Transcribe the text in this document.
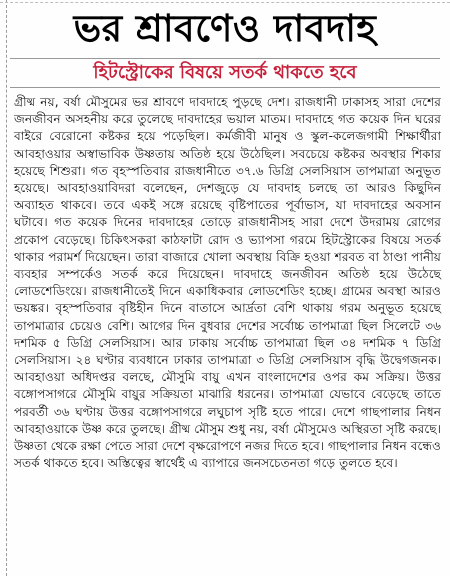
ভর শ্রাবণেও দাবদাহ
হিটস্ট্রোকের বিষয়ে সতর্ক থাকতে হবে

গ্রীষ্ম নয়, বর্ষা মৌসুমের ভর শ্রাবণে দাবদাহে পুড়ছে দেশ। রাজধানী ঢাকাসহ সারা দেশের জনজীবন অসহনীয় করে তুলেছে দাবদাহের ভয়াল মাতম। দাবদাহে গত কয়েক দিন ঘরের বাইরে বেরোনো কষ্টকর হয়ে পড়েছিল। কর্মজীবী মানুষ ও স্কুল-কলেজগামী শিক্ষার্থীরা আবহাওয়ার অস্বাভাবিক উষ্ণতায় অতিষ্ঠ হয়ে উঠেছিল। সবচেয়ে কষ্টকর অবস্থার শিকার হয়েছে শিশুরা। গত বৃহস্পতিবার রাজধানীতে ৩৭.৬ ডিগ্রি সেলসিয়াস তাপমাত্রা অনুভূত হয়েছে। আবহাওয়াবিদরা বলেছেন, দেশজুড়ে যে দাবদাহ চলছে তা আরও কিছুদিন অব্যাহত থাকবে। তবে একই সঙ্গে রয়েছে বৃষ্টিপাতের পূর্বাভাস, যা দাবদাহের অবসান ঘটাবে। গত কয়েক দিনের দাবদাহের তোড়ে রাজধানীসহ সারা দেশে উদরাময় রোগের প্রকোপ বেড়েছে। চিকিৎসকরা কাঠফাটা রোদ ও ভ্যাপসা গরমে হিটস্ট্রোকের বিষয়ে সতর্ক থাকার পরামর্শ দিয়েছেন। তারা বাজারে খোলা অবস্থায় বিক্রি হওয়া শরবত বা ঠাণ্ডা পানীয় ব্যবহার সম্পর্কেও সতর্ক করে দিয়েছেন। দাবদাহে জনজীবন অতিষ্ঠ হয়ে উঠেছে লোডশেডিংয়ে। রাজধানীতেই দিনে একাধিকবার লোডশেডিং হচ্ছে। গ্রামের অবস্থা আরও ভয়ঙ্কর। বৃহস্পতিবার বৃষ্টিহীন দিনে বাতাসে আর্দ্রতা বেশি থাকায় গরম অনুভূত হয়েছে তাপমাত্রার চেয়েও বেশি। আগের দিন বুধবার দেশের সর্বোচ্চ তাপমাত্রা ছিল সিলেটে ৩৬ দশমিক ৫ ডিগ্রি সেলসিয়াস। আর ঢাকায় সর্বোচ্চ তাপমাত্রা ছিল ৩৪ দশমিক ৭ ডিগ্রি সেলসিয়াস। ২৪ ঘণ্টার ব্যবধানে ঢাকার তাপমাত্রা ৩ ডিগ্রি সেলসিয়াস বৃদ্ধি উদ্বেগজনক। আবহাওয়া অধিদপ্তর বলছে, মৌসুমি বায়ু এখন বাংলাদেশের ওপর কম সক্রিয়। উত্তর বঙ্গোপসাগরে মৌসুমি বায়ুর সক্রিয়তা মাঝারি ধরনের। তাপমাত্রা যেভাবে বেড়েছে তাতে পরবর্তী ৩৬ ঘণ্টায় উত্তর বঙ্গোপসাগরে লঘুচাপ সৃষ্টি হতে পারে। দেশে গাছপালার নিধন আবহাওয়াকে উষ্ণ করে তুলছে। গ্রীষ্ম মৌসুম শুধু নয়, বর্ষা মৌসুমেও অস্থিরতা সৃষ্টি করছে। উষ্ণতা থেকে রক্ষা পেতে সারা দেশে বৃক্ষরোপণে নজর দিতে হবে। গাছপালার নিধন বন্ধেও সতর্ক থাকতে হবে। অস্তিত্বের স্বার্থেই এ ব্যাপারে জনসচেতনতা গড়ে তুলতে হবে।
